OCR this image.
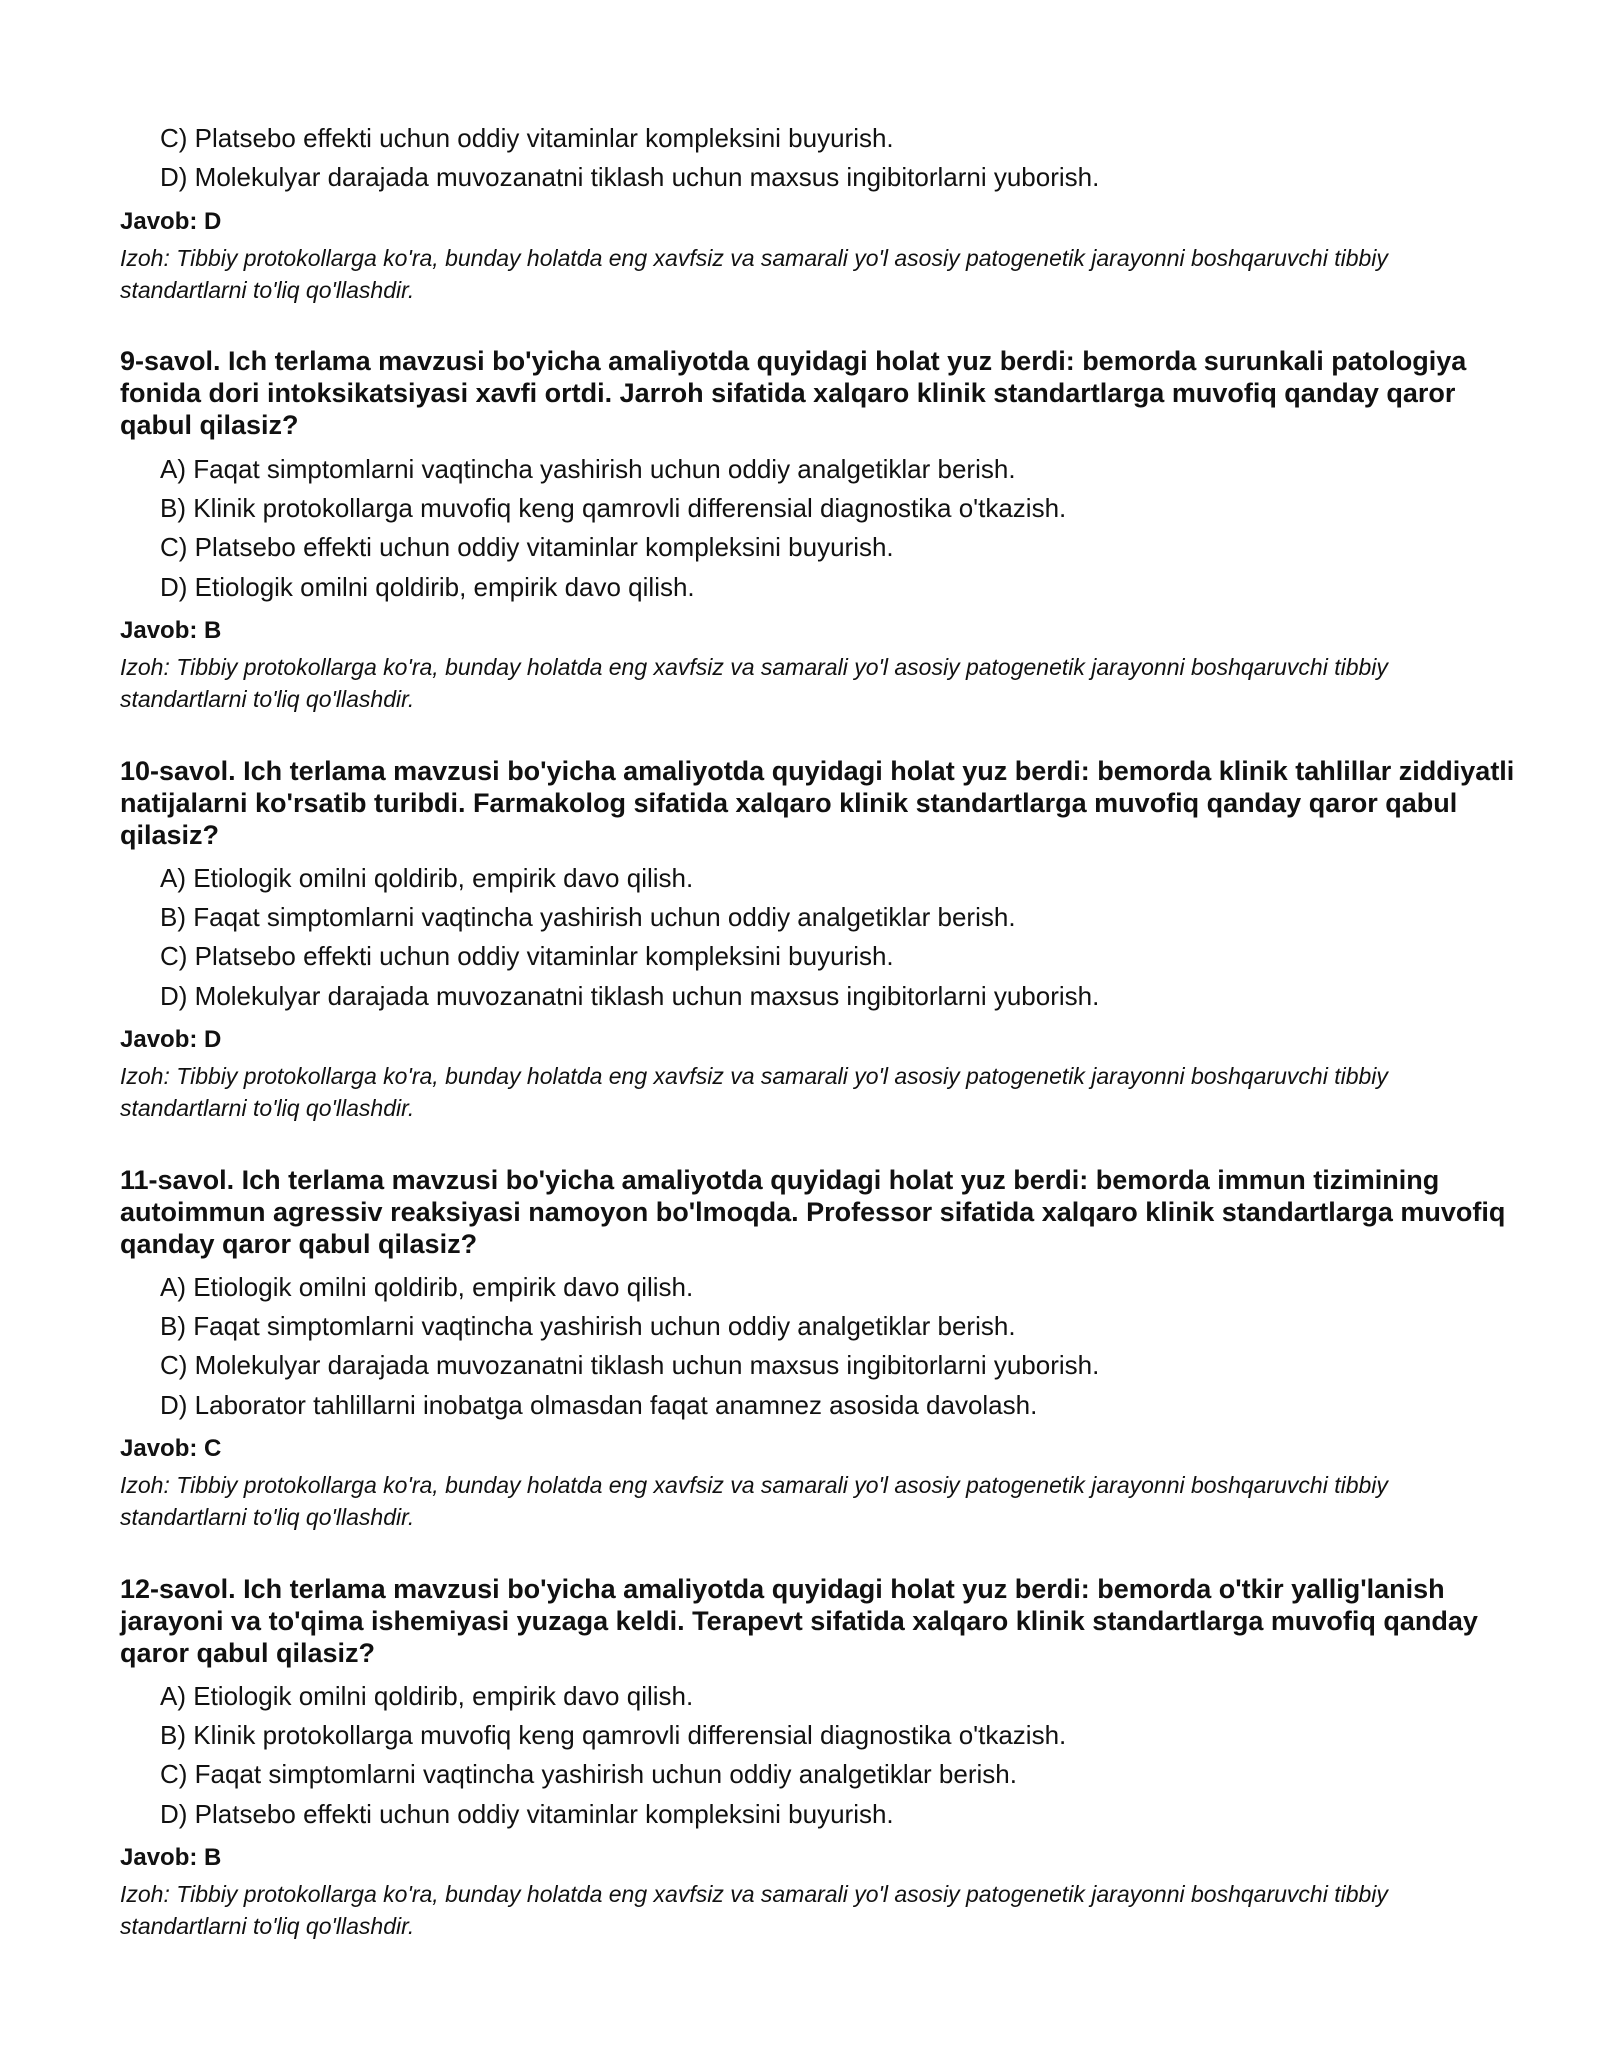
C) Platsebo effekti uchun oddiy vitaminlar kompleksini buyurish.
D) Molekulyar darajada muvozanatni tiklash uchun maxsus ingibitorlarni yuborish.
Javob: D
Izoh: Tibbiy protokollarga ko'ra, bunday holatda eng xavfsiz va samarali yo'l asosiy patogenetik jarayonni boshqaruvchi tibbiy standartlarni to'liq qo'llashdir.
9-savol. Ich terlama mavzusi bo'yicha amaliyotda quyidagi holat yuz berdi: bemorda surunkali patologiya fonida dori intoksikatsiyasi xavfi ortdi. Jarroh sifatida xalqaro klinik standartlarga muvofiq qanday qaror qabul qilasiz?
A) Faqat simptomlarni vaqtincha yashirish uchun oddiy analgetiklar berish.
B) Klinik protokollarga muvofiq keng qamrovli differensial diagnostika o'tkazish.
C) Platsebo effekti uchun oddiy vitaminlar kompleksini buyurish.
D) Etiologik omilni qoldirib, empirik davo qilish.
Javob: B
Izoh: Tibbiy protokollarga ko'ra, bunday holatda eng xavfsiz va samarali yo'l asosiy patogenetik jarayonni boshqaruvchi tibbiy standartlarni to'liq qo'llashdir.
10-savol. Ich terlama mavzusi bo'yicha amaliyotda quyidagi holat yuz berdi: bemorda klinik tahlillar ziddiyatli natijalarni ko'rsatib turibdi. Farmakolog sifatida xalqaro klinik standartlarga muvofiq qanday qaror qabul qilasiz?
A) Etiologik omilni qoldirib, empirik davo qilish.
B) Faqat simptomlarni vaqtincha yashirish uchun oddiy analgetiklar berish.
C) Platsebo effekti uchun oddiy vitaminlar kompleksini buyurish.
D) Molekulyar darajada muvozanatni tiklash uchun maxsus ingibitorlarni yuborish.
Javob: D
Izoh: Tibbiy protokollarga ko'ra, bunday holatda eng xavfsiz va samarali yo'l asosiy patogenetik jarayonni boshqaruvchi tibbiy standartlarni to'liq qo'llashdir.
11-savol. Ich terlama mavzusi bo'yicha amaliyotda quyidagi holat yuz berdi: bemorda immun tizimining autoimmun agressiv reaksiyasi namoyon bo'lmoqda. Professor sifatida xalqaro klinik standartlarga muvofiq qanday qaror qabul qilasiz?
A) Etiologik omilni qoldirib, empirik davo qilish.
B) Faqat simptomlarni vaqtincha yashirish uchun oddiy analgetiklar berish.
C) Molekulyar darajada muvozanatni tiklash uchun maxsus ingibitorlarni yuborish.
D) Laborator tahlillarni inobatga olmasdan faqat anamnez asosida davolash.
Javob: C
Izoh: Tibbiy protokollarga ko'ra, bunday holatda eng xavfsiz va samarali yo'l asosiy patogenetik jarayonni boshqaruvchi tibbiy standartlarni to'liq qo'llashdir.
12-savol. Ich terlama mavzusi bo'yicha amaliyotda quyidagi holat yuz berdi: bemorda o'tkir yallig'lanish jarayoni va to'qima ishemiyasi yuzaga keldi. Terapevt sifatida xalqaro klinik standartlarga muvofiq qanday qaror qabul qilasiz?
A) Etiologik omilni qoldirib, empirik davo qilish.
B) Klinik protokollarga muvofiq keng qamrovli differensial diagnostika o'tkazish.
C) Faqat simptomlarni vaqtincha yashirish uchun oddiy analgetiklar berish.
D) Platsebo effekti uchun oddiy vitaminlar kompleksini buyurish.
Javob: B
Izoh: Tibbiy protokollarga ko'ra, bunday holatda eng xavfsiz va samarali yo'l asosiy patogenetik jarayonni boshqaruvchi tibbiy standartlarni to'liq qo'llashdir.
